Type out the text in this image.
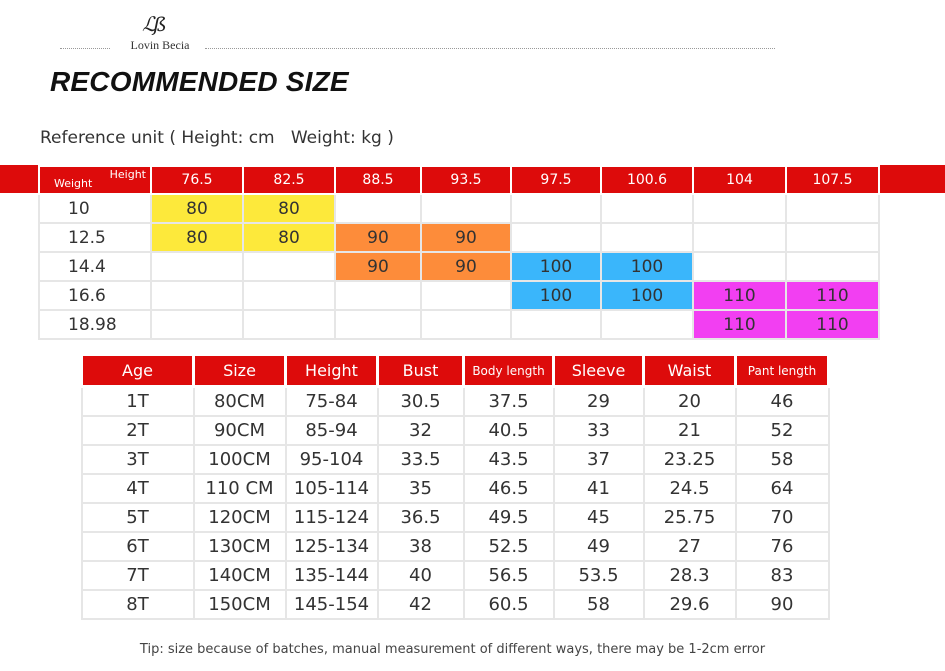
ℒß
Lovin Becia
RECOMMENDED SIZE
Reference unit ( Height: cm   Weight: kg )
Weight
Height	76.5	82.5	88.5	93.5	97.5	100.6	104	107.5
10	80	80						
12.5	80	80	90	90				
14.4			90	90	100	100		
16.6					100	100	110	110
18.98							110	110
Age	Size	Height	Bust	Body length	Sleeve	Waist	Pant length
1T	80CM	75-84	30.5	37.5	29	20	46
2T	90CM	85-94	32	40.5	33	21	52
3T	100CM	95-104	33.5	43.5	37	23.25	58
4T	110 CM	105-114	35	46.5	41	24.5	64
5T	120CM	115-124	36.5	49.5	45	25.75	70
6T	130CM	125-134	38	52.5	49	27	76
7T	140CM	135-144	40	56.5	53.5	28.3	83
8T	150CM	145-154	42	60.5	58	29.6	90
Tip: size because of batches, manual measurement of different ways, there may be 1-2cm error
